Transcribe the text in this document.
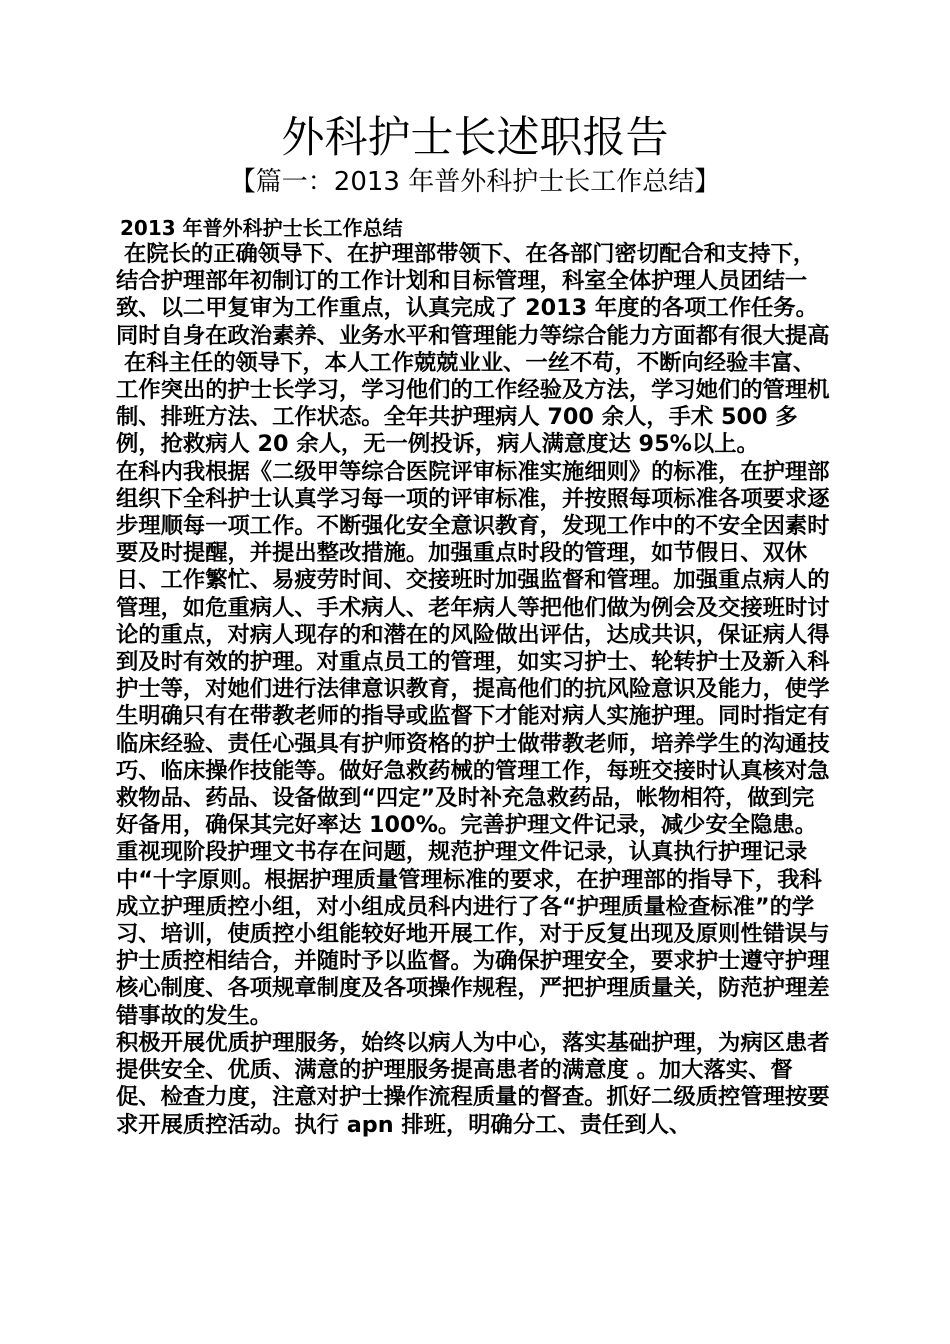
外科护士长述职报告
【篇一：2013 年普外科护士长工作总结】
2013 年普外科护士长工作总结

在院长的正确领导下、在护理部带领下、在各部门密切配合和支持下，结合护理部年初制订的工作计划和目标管理，科室全体护理人员团结一致、以二甲复审为工作重点，认真完成了 2013 年度的各项工作任务。同时自身在政治素养、业务水平和管理能力等综合能力方面都有很大提高

在科主任的领导下，本人工作兢兢业业、一丝不苟，不断向经验丰富、工作突出的护士长学习，学习他们的工作经验及方法，学习她们的管理机制、排班方法、工作状态。全年共护理病人 700 余人，手术 500 多例，抢救病人 20 余人，无一例投诉，病人满意度达 95%以上。

在科内我根据《二级甲等综合医院评审标准实施细则》的标准，在护理部组织下全科护士认真学习每一项的评审标准，并按照每项标准各项要求逐步理顺每一项工作。不断强化安全意识教育，发现工作中的不安全因素时要及时提醒，并提出整改措施。加强重点时段的管理，如节假日、双休日、工作繁忙、易疲劳时间、交接班时加强监督和管理。加强重点病人的管理，如危重病人、手术病人、老年病人等把他们做为例会及交接班时讨论的重点，对病人现存的和潜在的风险做出评估，达成共识，保证病人得到及时有效的护理。对重点员工的管理，如实习护士、轮转护士及新入科护士等，对她们进行法律意识教育，提高他们的抗风险意识及能力，使学生明确只有在带教老师的指导或监督下才能对病人实施护理。同时指定有临床经验、责任心强具有护师资格的护士做带教老师，培养学生的沟通技巧、临床操作技能等。做好急救药械的管理工作，每班交接时认真核对急救物品、药品、设备做到“四定”及时补充急救药品，帐物相符，做到完好备用，确保其完好率达 100%。完善护理文件记录，减少安全隐患。重视现阶段护理文书存在问题，规范护理文件记录，认真执行护理记录中“十字原则。根据护理质量管理标准的要求，在护理部的指导下，我科成立护理质控小组，对小组成员科内进行了各“护理质量检查标准”的学习、培训，使质控小组能较好地开展工作，对于反复出现及原则性错误与护士质控相结合，并随时予以监督。为确保护理安全，要求护士遵守护理核心制度、各项规章制度及各项操作规程，严把护理质量关，防范护理差错事故的发生。

积极开展优质护理服务，始终以病人为中心，落实基础护理，为病区患者提供安全、优质、满意的护理服务提高患者的满意度 。加大落实、督促、检查力度，注意对护士操作流程质量的督查。抓好二级质控管理按要求开展质控活动。执行 apn 排班，明确分工、责任到人、
